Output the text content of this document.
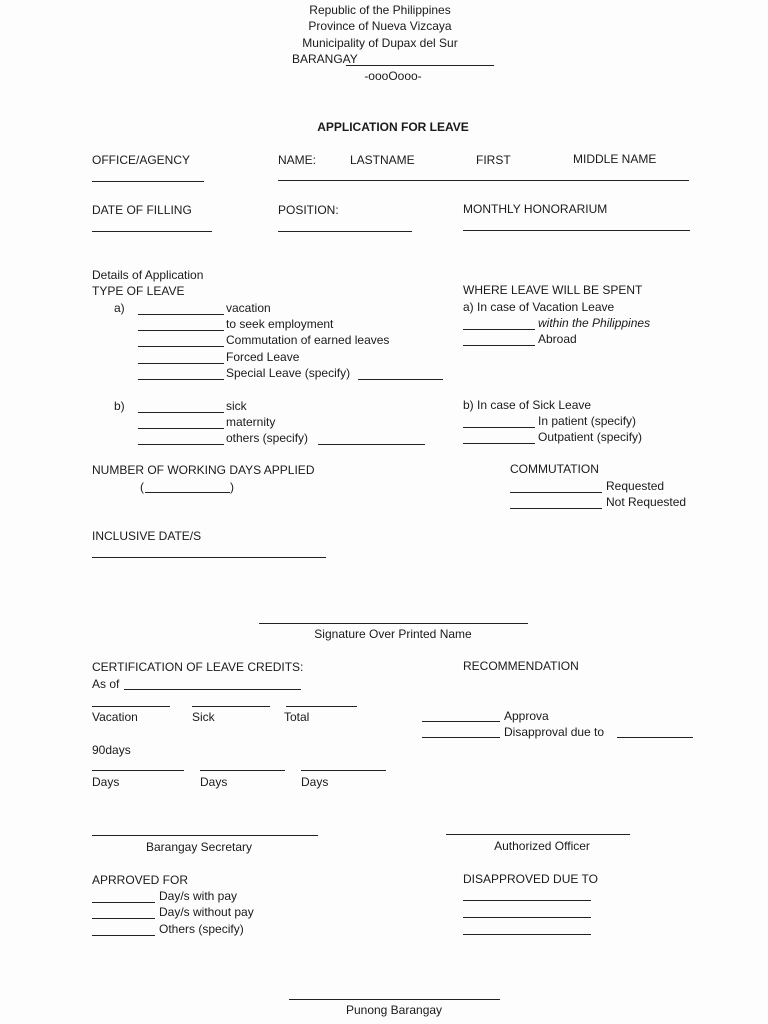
Republic of the Philippines
Province of Nueva Vizcaya
Municipality of Dupax del Sur
BARANGAY
-oooOooo-
APPLICATION FOR LEAVE
OFFICE/AGENCY	NAME:	LASTNAME	FIRST	MIDDLE NAME
DATE OF FILLING	POSITION:	MONTHLY HONORARIUM
Details of Application
TYPE OF LEAVE
a)	vacation
to seek employment
Commutation of earned leaves
Forced Leave
Special Leave (specify)
b)	sick
maternity
others (specify)
WHERE LEAVE WILL BE SPENT
a) In case of Vacation Leave
within the Philippines
Abroad
b) In case of Sick Leave
In patient (specify)
Outpatient (specify)
NUMBER OF WORKING DAYS APPLIED
(	)
COMMUTATION
Requested
Not Requested
INCLUSIVE DATE/S
Signature Over Printed Name
CERTIFICATION OF LEAVE CREDITS:
As of
Vacation	Sick	Total
90days
Days	Days	Days
RECOMMENDATION
Approva
Disapproval due to
Barangay Secretary	Authorized Officer
APRROVED FOR
Day/s with pay
Day/s without pay
Others (specify)
DISAPPROVED DUE TO
Punong Barangay
